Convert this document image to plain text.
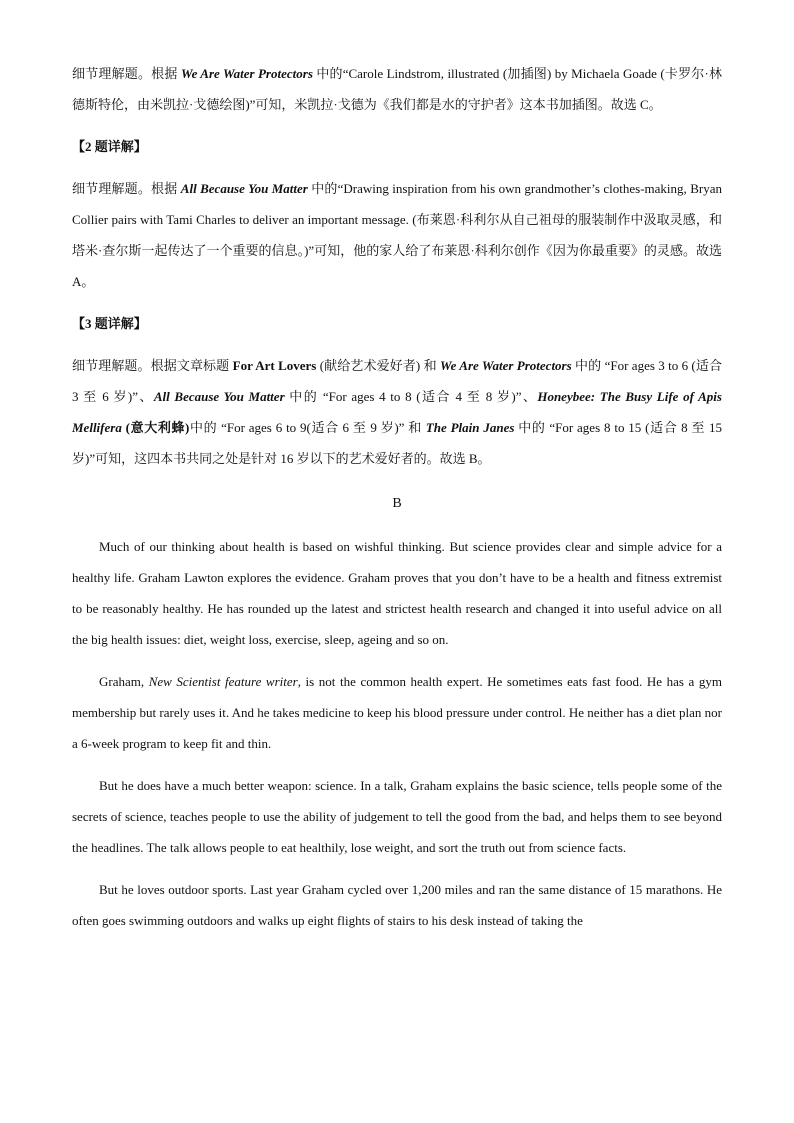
细节理解题。根据 We Are Water Protectors 中的“Carole Lindstrom, illustrated (加插图) by Michaela Goade (卡罗尔·林德斯特伦，由米凯拉·戈德绘图)”可知，米凯拉·戈德为《我们都是水的守护者》这本书加插图。故选 C。

【2 题详解】

细节理解题。根据 All Because You Matter 中的“Drawing inspiration from his own grandmother’s clothes-making, Bryan Collier pairs with Tami Charles to deliver an important message. (布莱恩·科利尔从自己祖母的服装制作中汲取灵感，和塔米·查尔斯一起传达了一个重要的信息。)”可知，他的家人给了布莱恩·科利尔创作《因为你最重要》的灵感。故选 A。

【3 题详解】

细节理解题。根据文章标题 For Art Lovers (献给艺术爱好者) 和 We Are Water Protectors 中的 “For ages 3 to 6 (适合 3 至 6 岁)”、All Because You Matter 中的 “For ages 4 to 8 (适合 4 至 8 岁)”、Honeybee: The Busy Life of Apis Mellifera (意大利蜂)中的 “For ages 6 to 9(适合 6 至 9 岁)” 和 The Plain Janes 中的 “For ages 8 to 15 (适合 8 至 15 岁)”可知，这四本书共同之处是针对 16 岁以下的艺术爱好者的。故选 B。

B

Much of our thinking about health is based on wishful thinking. But science provides clear and simple advice for a healthy life. Graham Lawton explores the evidence. Graham proves that you don’t have to be a health and fitness extremist to be reasonably healthy. He has rounded up the latest and strictest health research and changed it into useful advice on all the big health issues: diet, weight loss, exercise, sleep, ageing and so on.

Graham, New Scientist feature writer, is not the common health expert. He sometimes eats fast food. He has a gym membership but rarely uses it. And he takes medicine to keep his blood pressure under control. He neither has a diet plan nor a 6-week program to keep fit and thin.

But he does have a much better weapon: science. In a talk, Graham explains the basic science, tells people some of the secrets of science, teaches people to use the ability of judgement to tell the good from the bad, and helps them to see beyond the headlines. The talk allows people to eat healthily, lose weight, and sort the truth out from science facts.

But he loves outdoor sports. Last year Graham cycled over 1,200 miles and ran the same distance of 15 marathons. He often goes swimming outdoors and walks up eight flights of stairs to his desk instead of taking the
